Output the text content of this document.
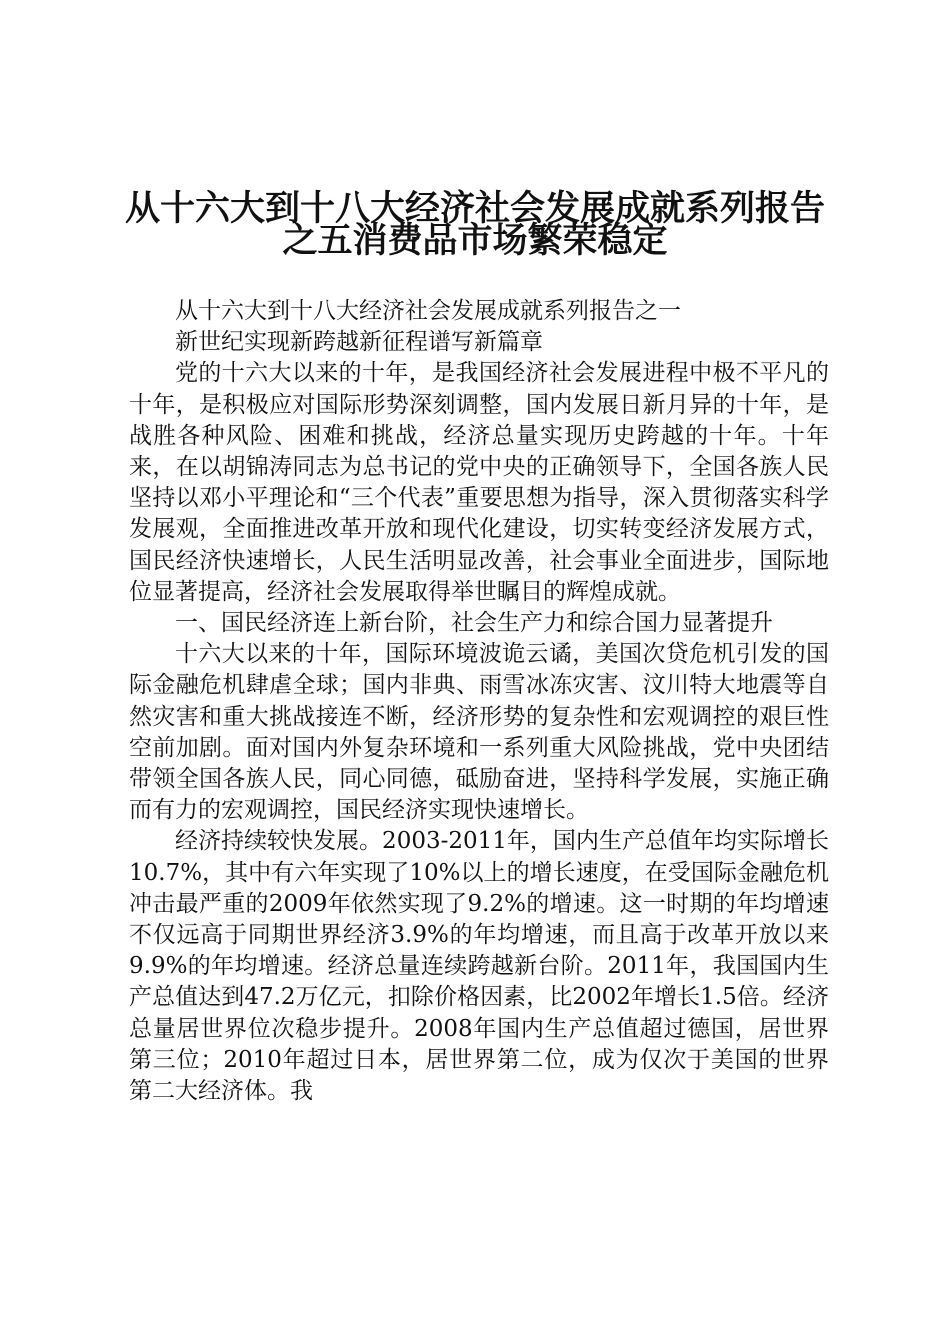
从十六大到十八大经济社会发展成就系列报告
之五消费品市场繁荣稳定

从十六大到十八大经济社会发展成就系列报告之一

新世纪实现新跨越新征程谱写新篇章

党的十六大以来的十年，是我国经济社会发展进程中极不平凡的十年，是积极应对国际形势深刻调整，国内发展日新月异的十年，是战胜各种风险、困难和挑战，经济总量实现历史跨越的十年。十年来，在以胡锦涛同志为总书记的党中央的正确领导下，全国各族人民坚持以邓小平理论和“三个代表”重要思想为指导，深入贯彻落实科学发展观，全面推进改革开放和现代化建设，切实转变经济发展方式，国民经济快速增长，人民生活明显改善，社会事业全面进步，国际地位显著提高，经济社会发展取得举世瞩目的辉煌成就。

一、国民经济连上新台阶，社会生产力和综合国力显著提升

十六大以来的十年，国际环境波诡云谲，美国次贷危机引发的国际金融危机肆虐全球；国内非典、雨雪冰冻灾害、汶川特大地震等自然灾害和重大挑战接连不断，经济形势的复杂性和宏观调控的艰巨性空前加剧。面对国内外复杂环境和一系列重大风险挑战，党中央团结带领全国各族人民，同心同德，砥励奋进，坚持科学发展，实施正确而有力的宏观调控，国民经济实现快速增长。

经济持续较快发展。2003-2011年，国内生产总值年均实际增长10.7%，其中有六年实现了10%以上的增长速度，在受国际金融危机冲击最严重的2009年依然实现了9.2%的增速。这一时期的年均增速不仅远高于同期世界经济3.9%的年均增速，而且高于改革开放以来9.9%的年均增速。经济总量连续跨越新台阶。2011年，我国国内生产总值达到47.2万亿元，扣除价格因素，比2002年增长1.5倍。经济总量居世界位次稳步提升。2008年国内生产总值超过德国，居世界第三位；2010年超过日本，居世界第二位，成为仅次于美国的世界第二大经济体。我
